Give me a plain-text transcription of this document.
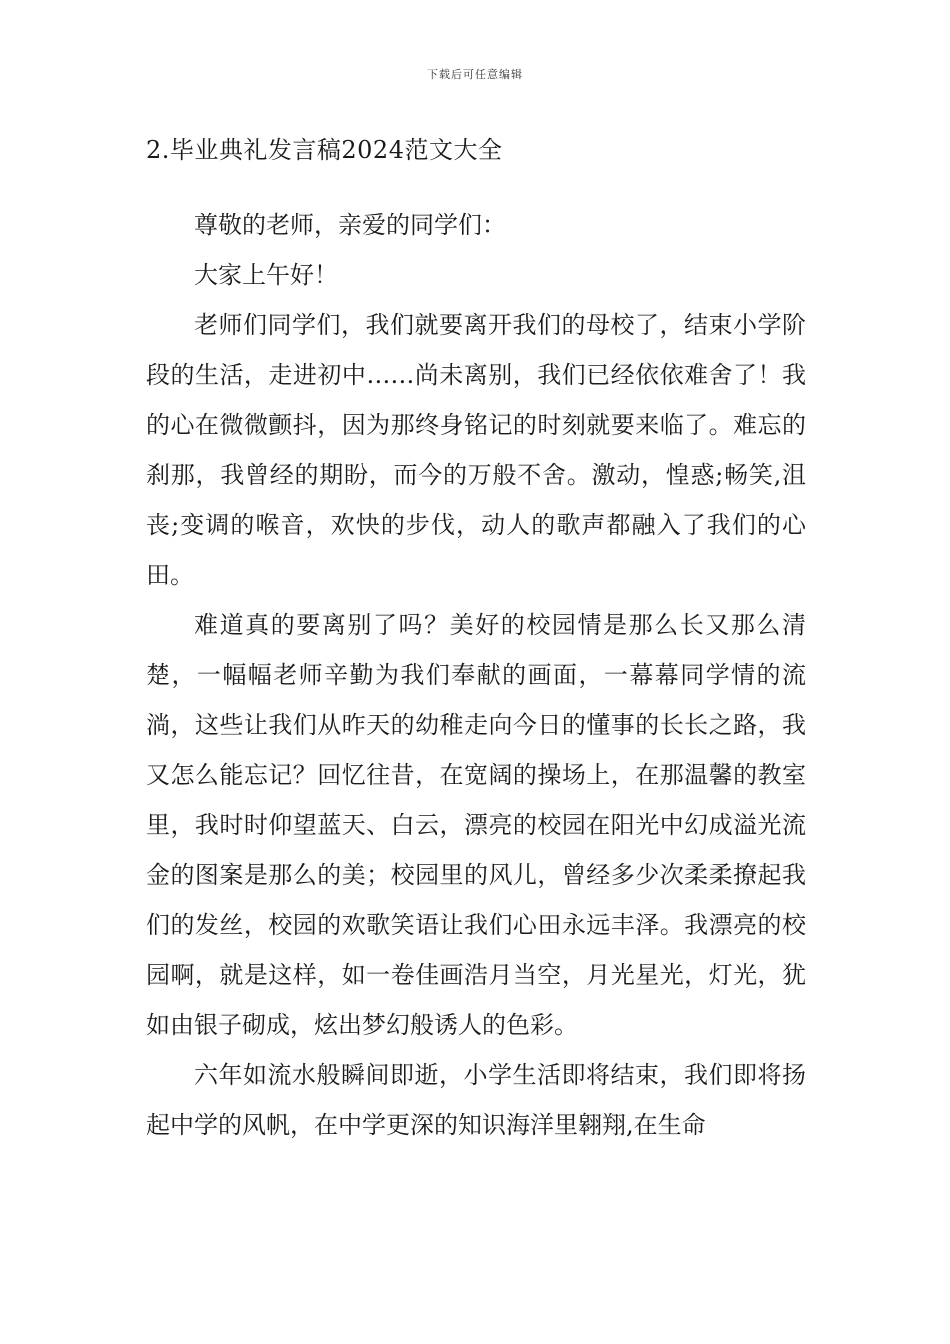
下载后可任意编辑
2.毕业典礼发言稿2024范文大全

尊敬的老师，亲爱的同学们：

大家上午好！

老师们同学们，我们就要离开我们的母校了，结束小学阶段的生活，走进初中……尚未离别，我们已经依依难舍了！我的心在微微颤抖，因为那终身铭记的时刻就要来临了。难忘的刹那，我曾经的期盼，而今的万般不舍。激动，惶惑;畅笑,沮丧;变调的喉音，欢快的步伐，动人的歌声都融入了我们的心田。

难道真的要离别了吗？美好的校园情是那么长又那么清楚，一幅幅老师辛勤为我们奉献的画面，一幕幕同学情的流淌，这些让我们从昨天的幼稚走向今日的懂事的长长之路，我又怎么能忘记？回忆往昔，在宽阔的操场上，在那温馨的教室里，我时时仰望蓝天、白云，漂亮的校园在阳光中幻成溢光流金的图案是那么的美；校园里的风儿，曾经多少次柔柔撩起我们的发丝，校园的欢歌笑语让我们心田永远丰泽。我漂亮的校园啊，就是这样，如一卷佳画浩月当空，月光星光，灯光，犹如由银子砌成，炫出梦幻般诱人的色彩。

六年如流水般瞬间即逝，小学生活即将结束，我们即将扬起中学的风帆，在中学更深的知识海洋里翱翔,在生命
